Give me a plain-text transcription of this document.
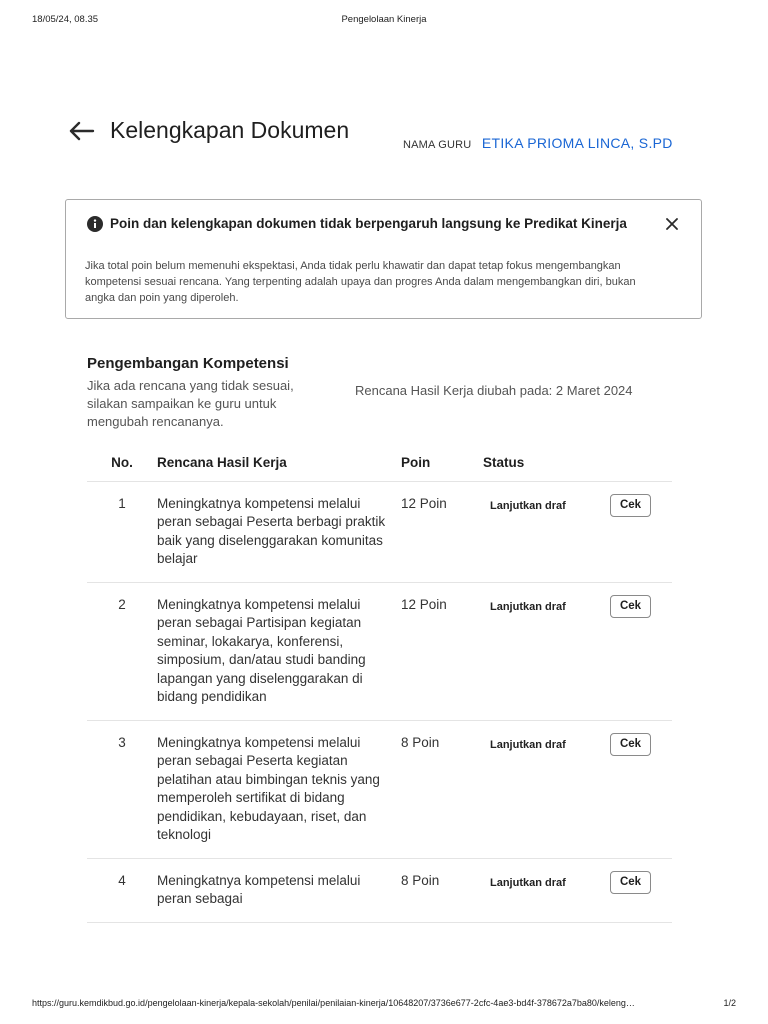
18/05/24, 08.35	Pengelolaan Kinerja
Kelengkapan Dokumen
NAMA GURU ETIKA PRIOMA LINCA, S.PD
Poin dan kelengkapan dokumen tidak berpengaruh langsung ke Predikat Kinerja
Jika total poin belum memenuhi ekspektasi, Anda tidak perlu khawatir dan dapat tetap fokus mengembangkan kompetensi sesuai rencana. Yang terpenting adalah upaya dan progres Anda dalam mengembangkan diri, bukan angka dan poin yang diperoleh.
Pengembangan Kompetensi
Jika ada rencana yang tidak sesuai, silakan sampaikan ke guru untuk mengubah rencananya.
Rencana Hasil Kerja diubah pada: 2 Maret 2024
No.	Rencana Hasil Kerja	Poin	Status	
1	Meningkatnya kompetensi melalui peran sebagai Peserta berbagi praktik baik yang diselenggarakan komunitas belajar	12 Poin	Lanjutkan draf	Cek
2	Meningkatnya kompetensi melalui peran sebagai Partisipan kegiatan seminar, lokakarya, konferensi, simposium, dan/atau studi banding lapangan yang diselenggarakan di bidang pendidikan	12 Poin	Lanjutkan draf	Cek
3	Meningkatnya kompetensi melalui peran sebagai Peserta kegiatan pelatihan atau bimbingan teknis yang memperoleh sertifikat di bidang pendidikan, kebudayaan, riset, dan teknologi	8 Poin	Lanjutkan draf	Cek
4	Meningkatnya kompetensi melalui peran sebagai	8 Poin	Lanjutkan draf	Cek
https://guru.kemdikbud.go.id/pengelolaan-kinerja/kepala-sekolah/penilai/penilaian-kinerja/10648207/3736e677-2cfc-4ae3-bd4f-378672a7ba80/keleng…	1/2
